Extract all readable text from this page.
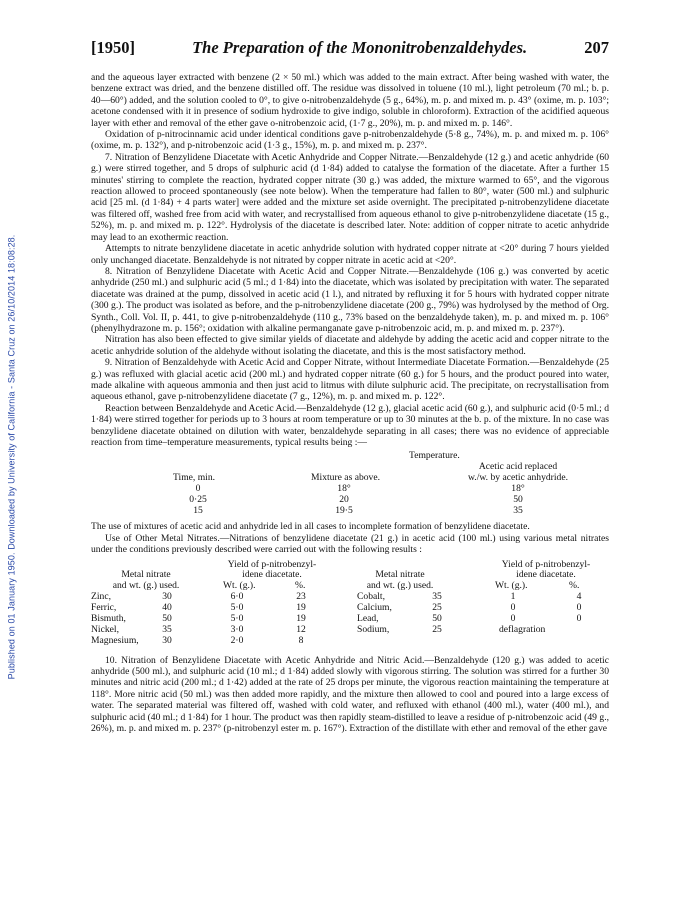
Published on 01 January 1950. Downloaded by University of California - Santa Cruz on 26/10/2014 18:08:28.
[1950]	The Preparation of the Mononitrobenzaldehydes.	207

and the aqueous layer extracted with benzene (2 × 50 ml.) which was added to the main extract. After being washed with water, the benzene extract was dried, and the benzene distilled off. The residue was dissolved in toluene (10 ml.), light petroleum (70 ml.; b. p. 40—60°) added, and the solution cooled to 0°, to give o-nitrobenzaldehyde (5 g., 64%), m. p. and mixed m. p. 43° (oxime, m. p. 103°; acetone condensed with it in presence of sodium hydroxide to give indigo, soluble in chloroform). Extraction of the acidified aqueous layer with ether and removal of the ether gave o-nitrobenzoic acid, (1·7 g., 20%), m. p. and mixed m. p. 146°.

Oxidation of p-nitrocinnamic acid under identical conditions gave p-nitrobenzaldehyde (5·8 g., 74%), m. p. and mixed m. p. 106° (oxime, m. p. 132°), and p-nitrobenzoic acid (1·3 g., 15%), m. p. and mixed m. p. 237°.

7. Nitration of Benzylidene Diacetate with Acetic Anhydride and Copper Nitrate.—Benzaldehyde (12 g.) and acetic anhydride (60 g.) were stirred together, and 5 drops of sulphuric acid (d 1·84) added to catalyse the formation of the diacetate. After a further 15 minutes' stirring to complete the reaction, hydrated copper nitrate (30 g.) was added, the mixture warmed to 65°, and the vigorous reaction allowed to proceed spontaneously (see note below). When the temperature had fallen to 80°, water (500 ml.) and sulphuric acid [25 ml. (d 1·84) + 4 parts water] were added and the mixture set aside overnight. The precipitated p-nitrobenzylidene diacetate was filtered off, washed free from acid with water, and recrystallised from aqueous ethanol to give p-nitrobenzylidene diacetate (15 g., 52%), m. p. and mixed m. p. 122°. Hydrolysis of the diacetate is described later. Note: addition of copper nitrate to acetic anhydride may lead to an exothermic reaction.

Attempts to nitrate benzylidene diacetate in acetic anhydride solution with hydrated copper nitrate at <20° during 7 hours yielded only unchanged diacetate. Benzaldehyde is not nitrated by copper nitrate in acetic acid at <20°.

8. Nitration of Benzylidene Diacetate with Acetic Acid and Copper Nitrate.—Benzaldehyde (106 g.) was converted by acetic anhydride (250 ml.) and sulphuric acid (5 ml.; d 1·84) into the diacetate, which was isolated by precipitation with water. The separated diacetate was drained at the pump, dissolved in acetic acid (1 l.), and nitrated by refluxing it for 5 hours with hydrated copper nitrate (300 g.). The product was isolated as before, and the p-nitrobenzylidene diacetate (200 g., 79%) was hydrolysed by the method of Org. Synth., Coll. Vol. II, p. 441, to give p-nitrobenzaldehyde (110 g., 73% based on the benzaldehyde taken), m. p. and mixed m. p. 106° (phenylhydrazone m. p. 156°; oxidation with alkaline permanganate gave p-nitrobenzoic acid, m. p. and mixed m. p. 237°).

Nitration has also been effected to give similar yields of diacetate and aldehyde by adding the acetic acid and copper nitrate to the acetic anhydride solution of the aldehyde without isolating the diacetate, and this is the most satisfactory method.

9. Nitration of Benzaldehyde with Acetic Acid and Copper Nitrate, without Intermediate Diacetate Formation.—Benzaldehyde (25 g.) was refluxed with glacial acetic acid (200 ml.) and hydrated copper nitrate (60 g.) for 5 hours, and the product poured into water, made alkaline with aqueous ammonia and then just acid to litmus with dilute sulphuric acid. The precipitate, on recrystallisation from aqueous ethanol, gave p-nitrobenzylidene diacetate (7 g., 12%), m. p. and mixed m. p. 122°.

Reaction between Benzaldehyde and Acetic Acid.—Benzaldehyde (12 g.), glacial acetic acid (60 g.), and sulphuric acid (0·5 ml.; d 1·84) were stirred together for periods up to 3 hours at room temperature or up to 30 minutes at the b. p. of the mixture. In no case was benzylidene diacetate obtained on dilution with water, benzaldehyde separating in all cases; there was no evidence of appreciable reaction from time–temperature measurements, typical results being :—

Temperature.
Acetic acid replaced
Time, min.	Mixture as above.	w./w. by acetic anhydride.
0	18°	18°
0·25	20	50
15	19·5	35

The use of mixtures of acetic acid and anhydride led in all cases to incomplete formation of benzylidene diacetate.

Use of Other Metal Nitrates.—Nitrations of benzylidene diacetate (21 g.) in acetic acid (100 ml.) using various metal nitrates under the conditions previously described were carried out with the following results :

Metal nitrate
and wt. (g.) used.
Yield of p-nitrobenzyl-
idene diacetate.
Wt. (g.).	%.
Metal nitrate
and wt. (g.) used.
Yield of p-nitrobenzyl-
idene diacetate.
Wt. (g.).	%.
Zinc,	30	6·0	23
Ferric,	40	5·0	19
Bismuth,	50	5·0	19
Nickel,	35	3·0	12
Magnesium,	30	2·0	8
Cobalt,	35	1	4
Calcium,	25	0	0
Lead,	50	0	0
Sodium,	25	deflagration

10. Nitration of Benzylidene Diacetate with Acetic Anhydride and Nitric Acid.—Benzaldehyde (120 g.) was added to acetic anhydride (500 ml.), and sulphuric acid (10 ml.; d 1·84) added slowly with vigorous stirring. The solution was stirred for a further 30 minutes and nitric acid (200 ml.; d 1·42) added at the rate of 25 drops per minute, the vigorous reaction maintaining the temperature at 118°. More nitric acid (50 ml.) was then added more rapidly, and the mixture then allowed to cool and poured into a large excess of water. The separated material was filtered off, washed with cold water, and refluxed with ethanol (400 ml.), water (400 ml.), and sulphuric acid (40 ml.; d 1·84) for 1 hour. The product was then rapidly steam-distilled to leave a residue of p-nitrobenzoic acid (49 g., 26%), m. p. and mixed m. p. 237° (p-nitrobenzyl ester m. p. 167°). Extraction of the distillate with ether and removal of the ether gave
